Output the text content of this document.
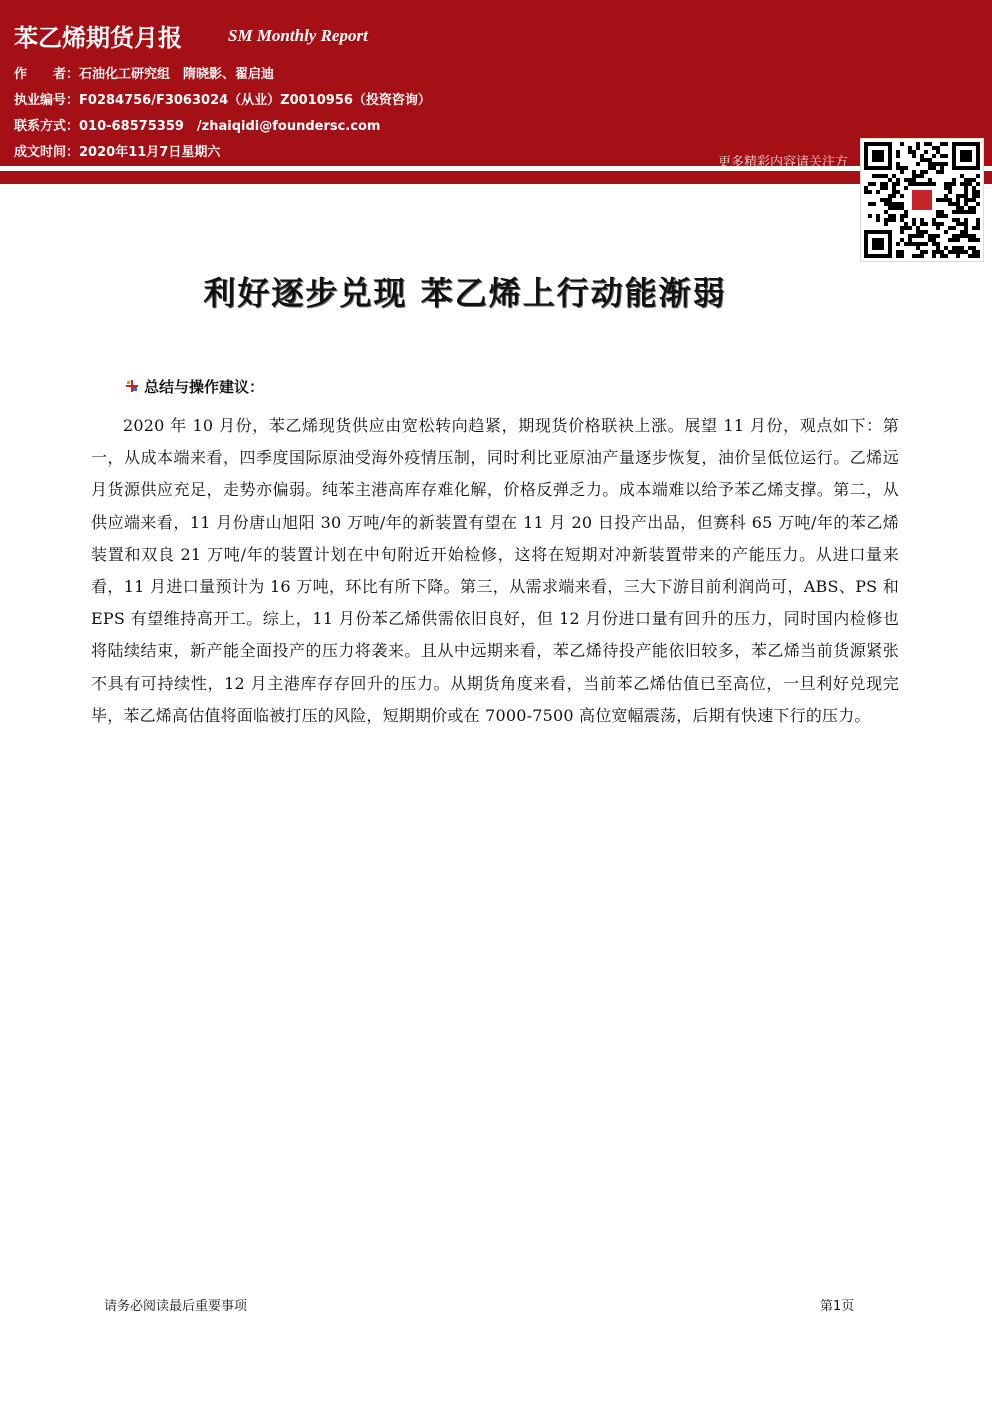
苯乙烯期货月报	SM Monthly Report
作　　者：石油化工研究组　隋晓影、翟启迪
执业编号：F0284756/F3063024（从业）Z0010956（投资咨询）
联系方式：010-68575359　/zhaiqidi@foundersc.com
成文时间：2020年11月7日星期六
更多精彩内容请关注方
利好逐步兑现 苯乙烯上行动能渐弱
总结与操作建议：
2020 年 10 月份，苯乙烯现货供应由宽松转向趋紧，期现货价格联袂上涨。展望 11 月份，观点如下：第一，从成本端来看，四季度国际原油受海外疫情压制，同时利比亚原油产量逐步恢复，油价呈低位运行。乙烯远月货源供应充足，走势亦偏弱。纯苯主港高库存难化解，价格反弹乏力。成本端难以给予苯乙烯支撑。第二，从供应端来看，11 月份唐山旭阳 30 万吨/年的新装置有望在 11 月 20 日投产出品，但赛科 65 万吨/年的苯乙烯装置和双良 21 万吨/年的装置计划在中旬附近开始检修，这将在短期对冲新装置带来的产能压力。从进口量来看，11 月进口量预计为 16 万吨，环比有所下降。第三，从需求端来看，三大下游目前利润尚可，ABS、PS 和 EPS 有望维持高开工。综上，11 月份苯乙烯供需依旧良好，但 12 月份进口量有回升的压力，同时国内检修也将陆续结束，新产能全面投产的压力将袭来。且从中远期来看，苯乙烯待投产能依旧较多，苯乙烯当前货源紧张不具有可持续性，12 月主港库存存回升的压力。从期货角度来看，当前苯乙烯估值已至高位，一旦利好兑现完毕，苯乙烯高估值将面临被打压的风险，短期期价或在 7000-7500 高位宽幅震荡，后期有快速下行的压力。
请务必阅读最后重要事项	第1页
